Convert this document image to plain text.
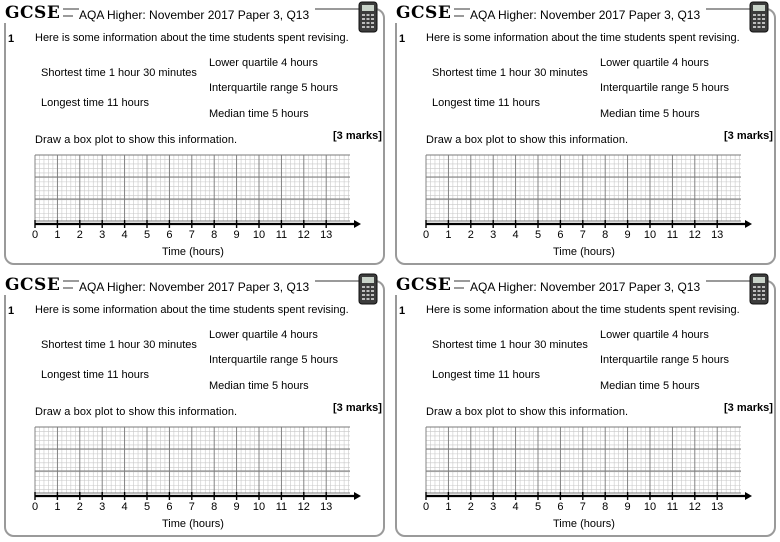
GCSE AQA Higher: November 2017 Paper 3, Q13
1 Here is some information about the time students spent revising.
Lower quartile 4 hours
Shortest time 1 hour 30 minutes
Interquartile range 5 hours
Longest time 11 hours
Median time 5 hours
Draw a box plot to show this information.	[3 marks]
0 1 2 3 4 5 6 7 8 9 10 11 12 13
Time (hours)
GCSE AQA Higher: November 2017 Paper 3, Q13
1 Here is some information about the time students spent revising.
Lower quartile 4 hours
Shortest time 1 hour 30 minutes
Interquartile range 5 hours
Longest time 11 hours
Median time 5 hours
Draw a box plot to show this information.	[3 marks]
0 1 2 3 4 5 6 7 8 9 10 11 12 13
Time (hours)
GCSE AQA Higher: November 2017 Paper 3, Q13
1 Here is some information about the time students spent revising.
Lower quartile 4 hours
Shortest time 1 hour 30 minutes
Interquartile range 5 hours
Longest time 11 hours
Median time 5 hours
Draw a box plot to show this information.	[3 marks]
0 1 2 3 4 5 6 7 8 9 10 11 12 13
Time (hours)
GCSE AQA Higher: November 2017 Paper 3, Q13
1 Here is some information about the time students spent revising.
Lower quartile 4 hours
Shortest time 1 hour 30 minutes
Interquartile range 5 hours
Longest time 11 hours
Median time 5 hours
Draw a box plot to show this information.	[3 marks]
0 1 2 3 4 5 6 7 8 9 10 11 12 13
Time (hours)
